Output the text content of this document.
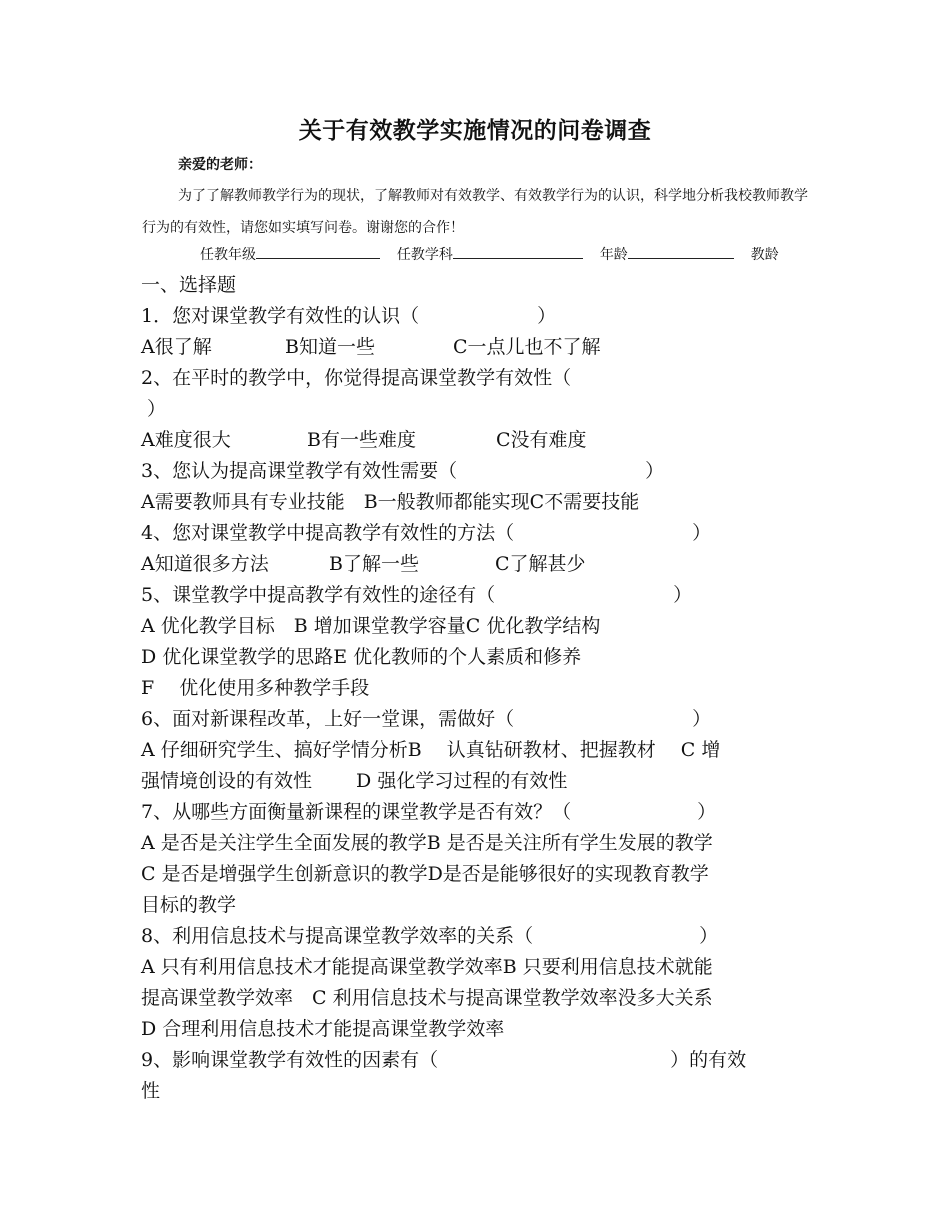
关于有效教学实施情况的问卷调查
亲爱的老师：
为了了解教师教学行为的现状，了解教师对有效教学、有效教学行为的认识，科学地分析我校教师教学行为的有效性，请您如实填写问卷。谢谢您的合作！
任教年级	任教学科	年龄	教龄
一、选择题
1．您对课堂教学有效性的认识（	）
A很了解	B知道一些	C一点儿也不了解
2、在平时的教学中，你觉得提高课堂教学有效性（
）
A难度很大	B有一些难度	C没有难度
3、您认为提高课堂教学有效性需要（	）
A需要教师具有专业技能　B一般教师都能实现C不需要技能
4、您对课堂教学中提高教学有效性的方法（	）
A知道很多方法	B了解一些	C了解甚少
5、课堂教学中提高教学有效性的途径有（	）
A 优化教学目标　B 增加课堂教学容量C 优化教学结构
D 优化课堂教学的思路E 优化教师的个人素质和修养
F　 优化使用多种教学手段
6、面对新课程改革，上好一堂课，需做好（	）
A 仔细研究学生、搞好学情分析B　 认真钻研教材、把握教材　 C 增
强情境创设的有效性　　 D 强化学习过程的有效性
7、从哪些方面衡量新课程的课堂教学是否有效？（	）
A 是否是关注学生全面发展的教学B 是否是关注所有学生发展的教学
C 是否是增强学生创新意识的教学D是否是能够很好的实现教育教学
目标的教学
8、利用信息技术与提高课堂教学效率的关系（	）
A 只有利用信息技术才能提高课堂教学效率B 只要利用信息技术就能
提高课堂教学效率　C 利用信息技术与提高课堂教学效率没多大关系
D 合理利用信息技术才能提高课堂教学效率
9、影响课堂教学有效性的因素有（	）的有效
性
